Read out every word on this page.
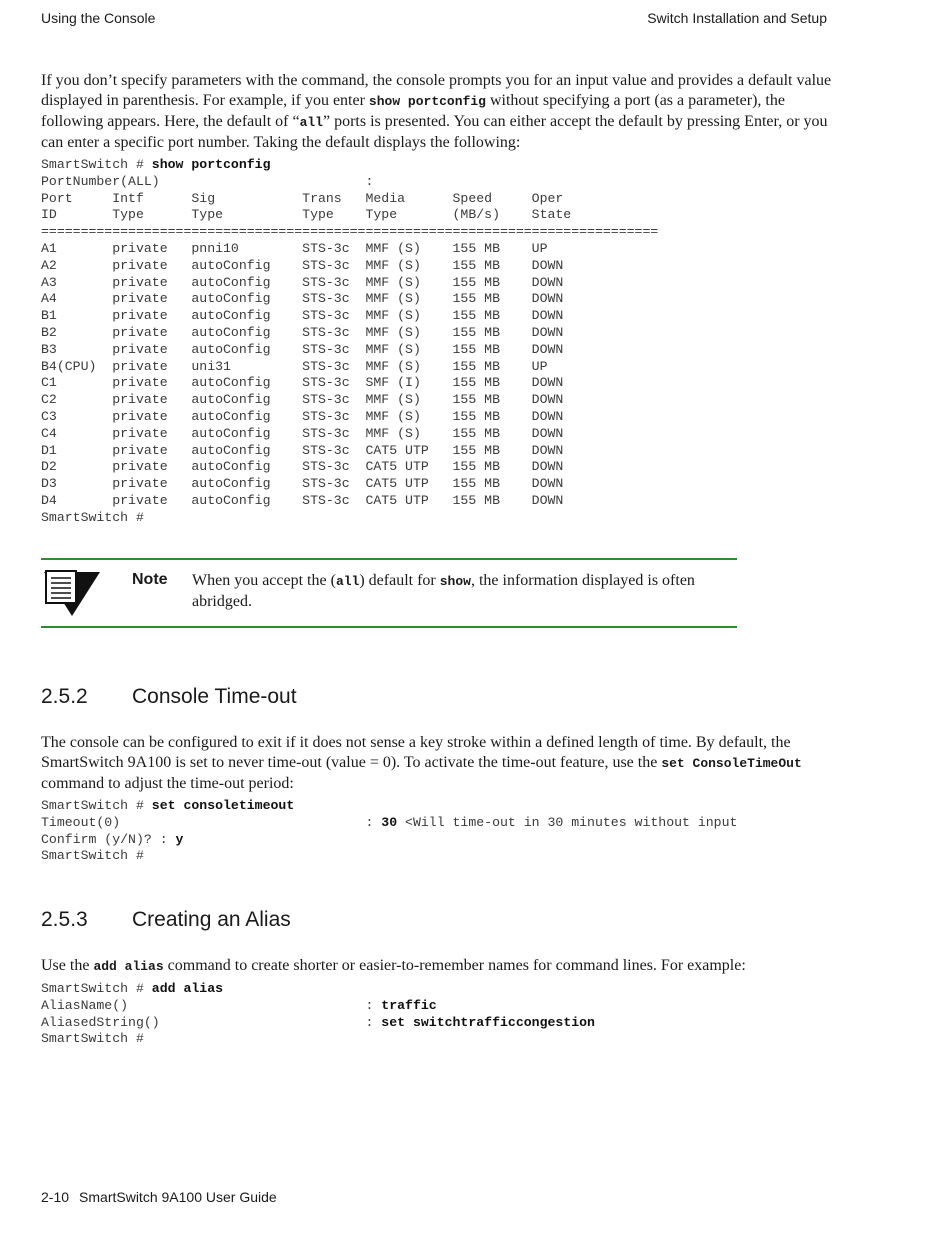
Using the Console	Switch Installation and Setup

If you don’t specify parameters with the command, the console prompts you for an input value and provides a default value displayed in parenthesis. For example, if you enter show portconfig without specifying a port (as a parameter), the following appears. Here, the default of “all” ports is presented. You can either accept the default by pressing Enter, or you can enter a specific port number. Taking the default displays the following:

SmartSwitch # show portconfig
PortNumber(ALL)                          :
Port     Intf      Sig           Trans   Media      Speed     Oper
ID       Type      Type          Type    Type       (MB/s)    State
==============================================================================
A1       private   pnni10        STS-3c  MMF (S)    155 MB    UP
A2       private   autoConfig    STS-3c  MMF (S)    155 MB    DOWN
A3       private   autoConfig    STS-3c  MMF (S)    155 MB    DOWN
A4       private   autoConfig    STS-3c  MMF (S)    155 MB    DOWN
B1       private   autoConfig    STS-3c  MMF (S)    155 MB    DOWN
B2       private   autoConfig    STS-3c  MMF (S)    155 MB    DOWN
B3       private   autoConfig    STS-3c  MMF (S)    155 MB    DOWN
B4(CPU)  private   uni31         STS-3c  MMF (S)    155 MB    UP
C1       private   autoConfig    STS-3c  SMF (I)    155 MB    DOWN
C2       private   autoConfig    STS-3c  MMF (S)    155 MB    DOWN
C3       private   autoConfig    STS-3c  MMF (S)    155 MB    DOWN
C4       private   autoConfig    STS-3c  MMF (S)    155 MB    DOWN
D1       private   autoConfig    STS-3c  CAT5 UTP   155 MB    DOWN
D2       private   autoConfig    STS-3c  CAT5 UTP   155 MB    DOWN
D3       private   autoConfig    STS-3c  CAT5 UTP   155 MB    DOWN
D4       private   autoConfig    STS-3c  CAT5 UTP   155 MB    DOWN
SmartSwitch #
Note When you accept the (all) default for show, the information displayed is often abridged.
2.5.2 Console Time-out

The console can be configured to exit if it does not sense a key stroke within a defined length of time. By default, the SmartSwitch 9A100 is set to never time-out (value = 0). To activate the time-out feature, use the set ConsoleTimeOut command to adjust the time-out period:

SmartSwitch # set consoletimeout
Timeout(0)                               : 30 <Will time-out in 30 minutes without input
Confirm (y/N)? : y
SmartSwitch #
2.5.3 Creating an Alias

Use the add alias command to create shorter or easier-to-remember names for command lines. For example:

SmartSwitch # add alias
AliasName()                              : traffic
AliasedString()                          : set switchtrafficcongestion
SmartSwitch #
2-10 SmartSwitch 9A100 User Guide
